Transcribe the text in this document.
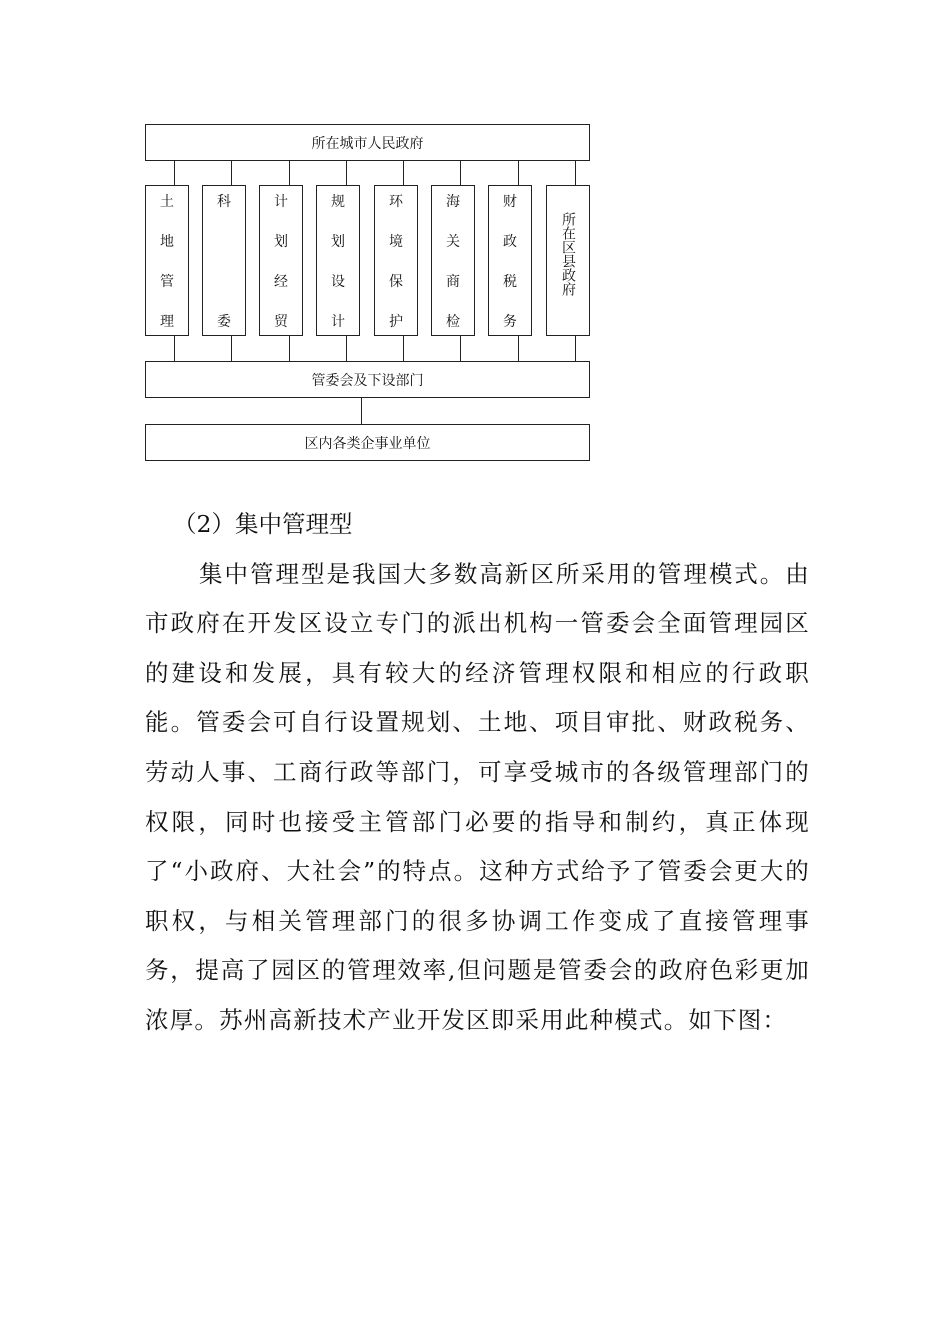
所在城市人民政府
土
地
管
理
科
委
计
划
经
贸
规
划
设
计
环
境
保
护
海
关
商
检
财
政
税
务
所在区县政府
管委会及下设部门
区内各类企事业单位

（2）集中管理型

集中管理型是我国大多数高新区所采用的管理模式。由市政府在开发区设立专门的派出机构一管委会全面管理园区的建设和发展，具有较大的经济管理权限和相应的行政职能。管委会可自行设置规划、土地、项目审批、财政税务、劳动人事、工商行政等部门，可享受城市的各级管理部门的权限，同时也接受主管部门必要的指导和制约，真正体现了“小政府、大社会”的特点。这种方式给予了管委会更大的职权，与相关管理部门的很多协调工作变成了直接管理事务，提高了园区的管理效率,但问题是管委会的政府色彩更加浓厚。苏州高新技术产业开发区即采用此种模式。如下图：
